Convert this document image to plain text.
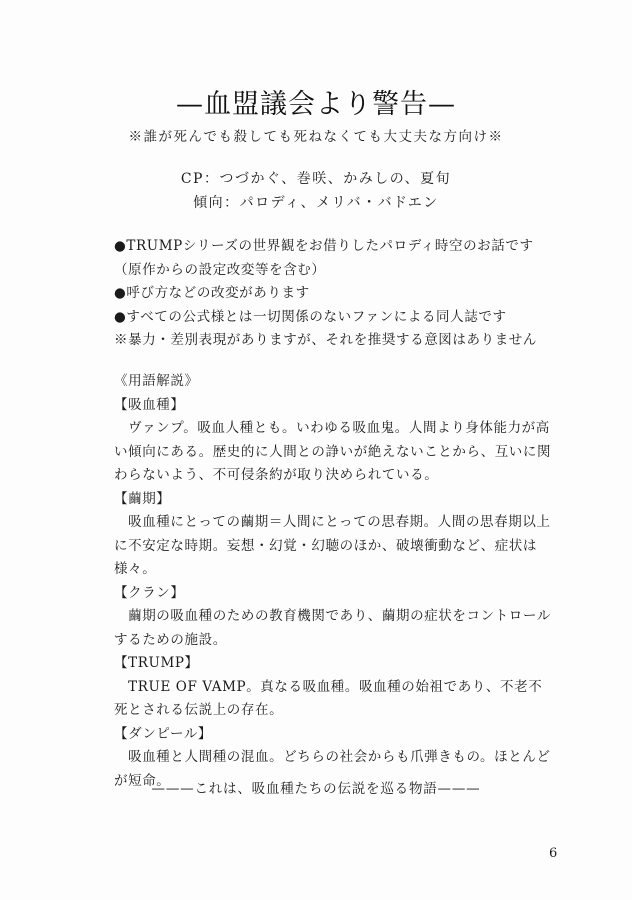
—血盟議会より警告—
※誰が死んでも殺しても死ねなくても大丈夫な方向け※
CP：つづかぐ、巻咲、かみしの、夏旬
傾向：パロディ、メリバ・バドエン
●TRUMPシリーズの世界観をお借りしたパロディ時空のお話です
（原作からの設定改変等を含む）
●呼び方などの改変があります
●すべての公式様とは一切関係のないファンによる同人誌です
※暴力・差別表現がありますが、それを推奨する意図はありません
《用語解説》
【吸血種】
　ヴァンプ。吸血人種とも。いわゆる吸血鬼。人間より身体能力が高い傾向にある。歴史的に人間との諍いが絶えないことから、互いに関わらないよう、不可侵条約が取り決められている。
【繭期】
　吸血種にとっての繭期＝人間にとっての思春期。人間の思春期以上に不安定な時期。妄想・幻覚・幻聴のほか、破壊衝動など、症状は様々。
【クラン】
　繭期の吸血種のための教育機関であり、繭期の症状をコントロールするための施設。
【TRUMP】
　TRUE OF VAMP。真なる吸血種。吸血種の始祖であり、不老不死とされる伝説上の存在。
【ダンピール】
　吸血種と人間種の混血。どちらの社会からも爪弾きもの。ほとんどが短命。
———これは、吸血種たちの伝説を巡る物語———
6
